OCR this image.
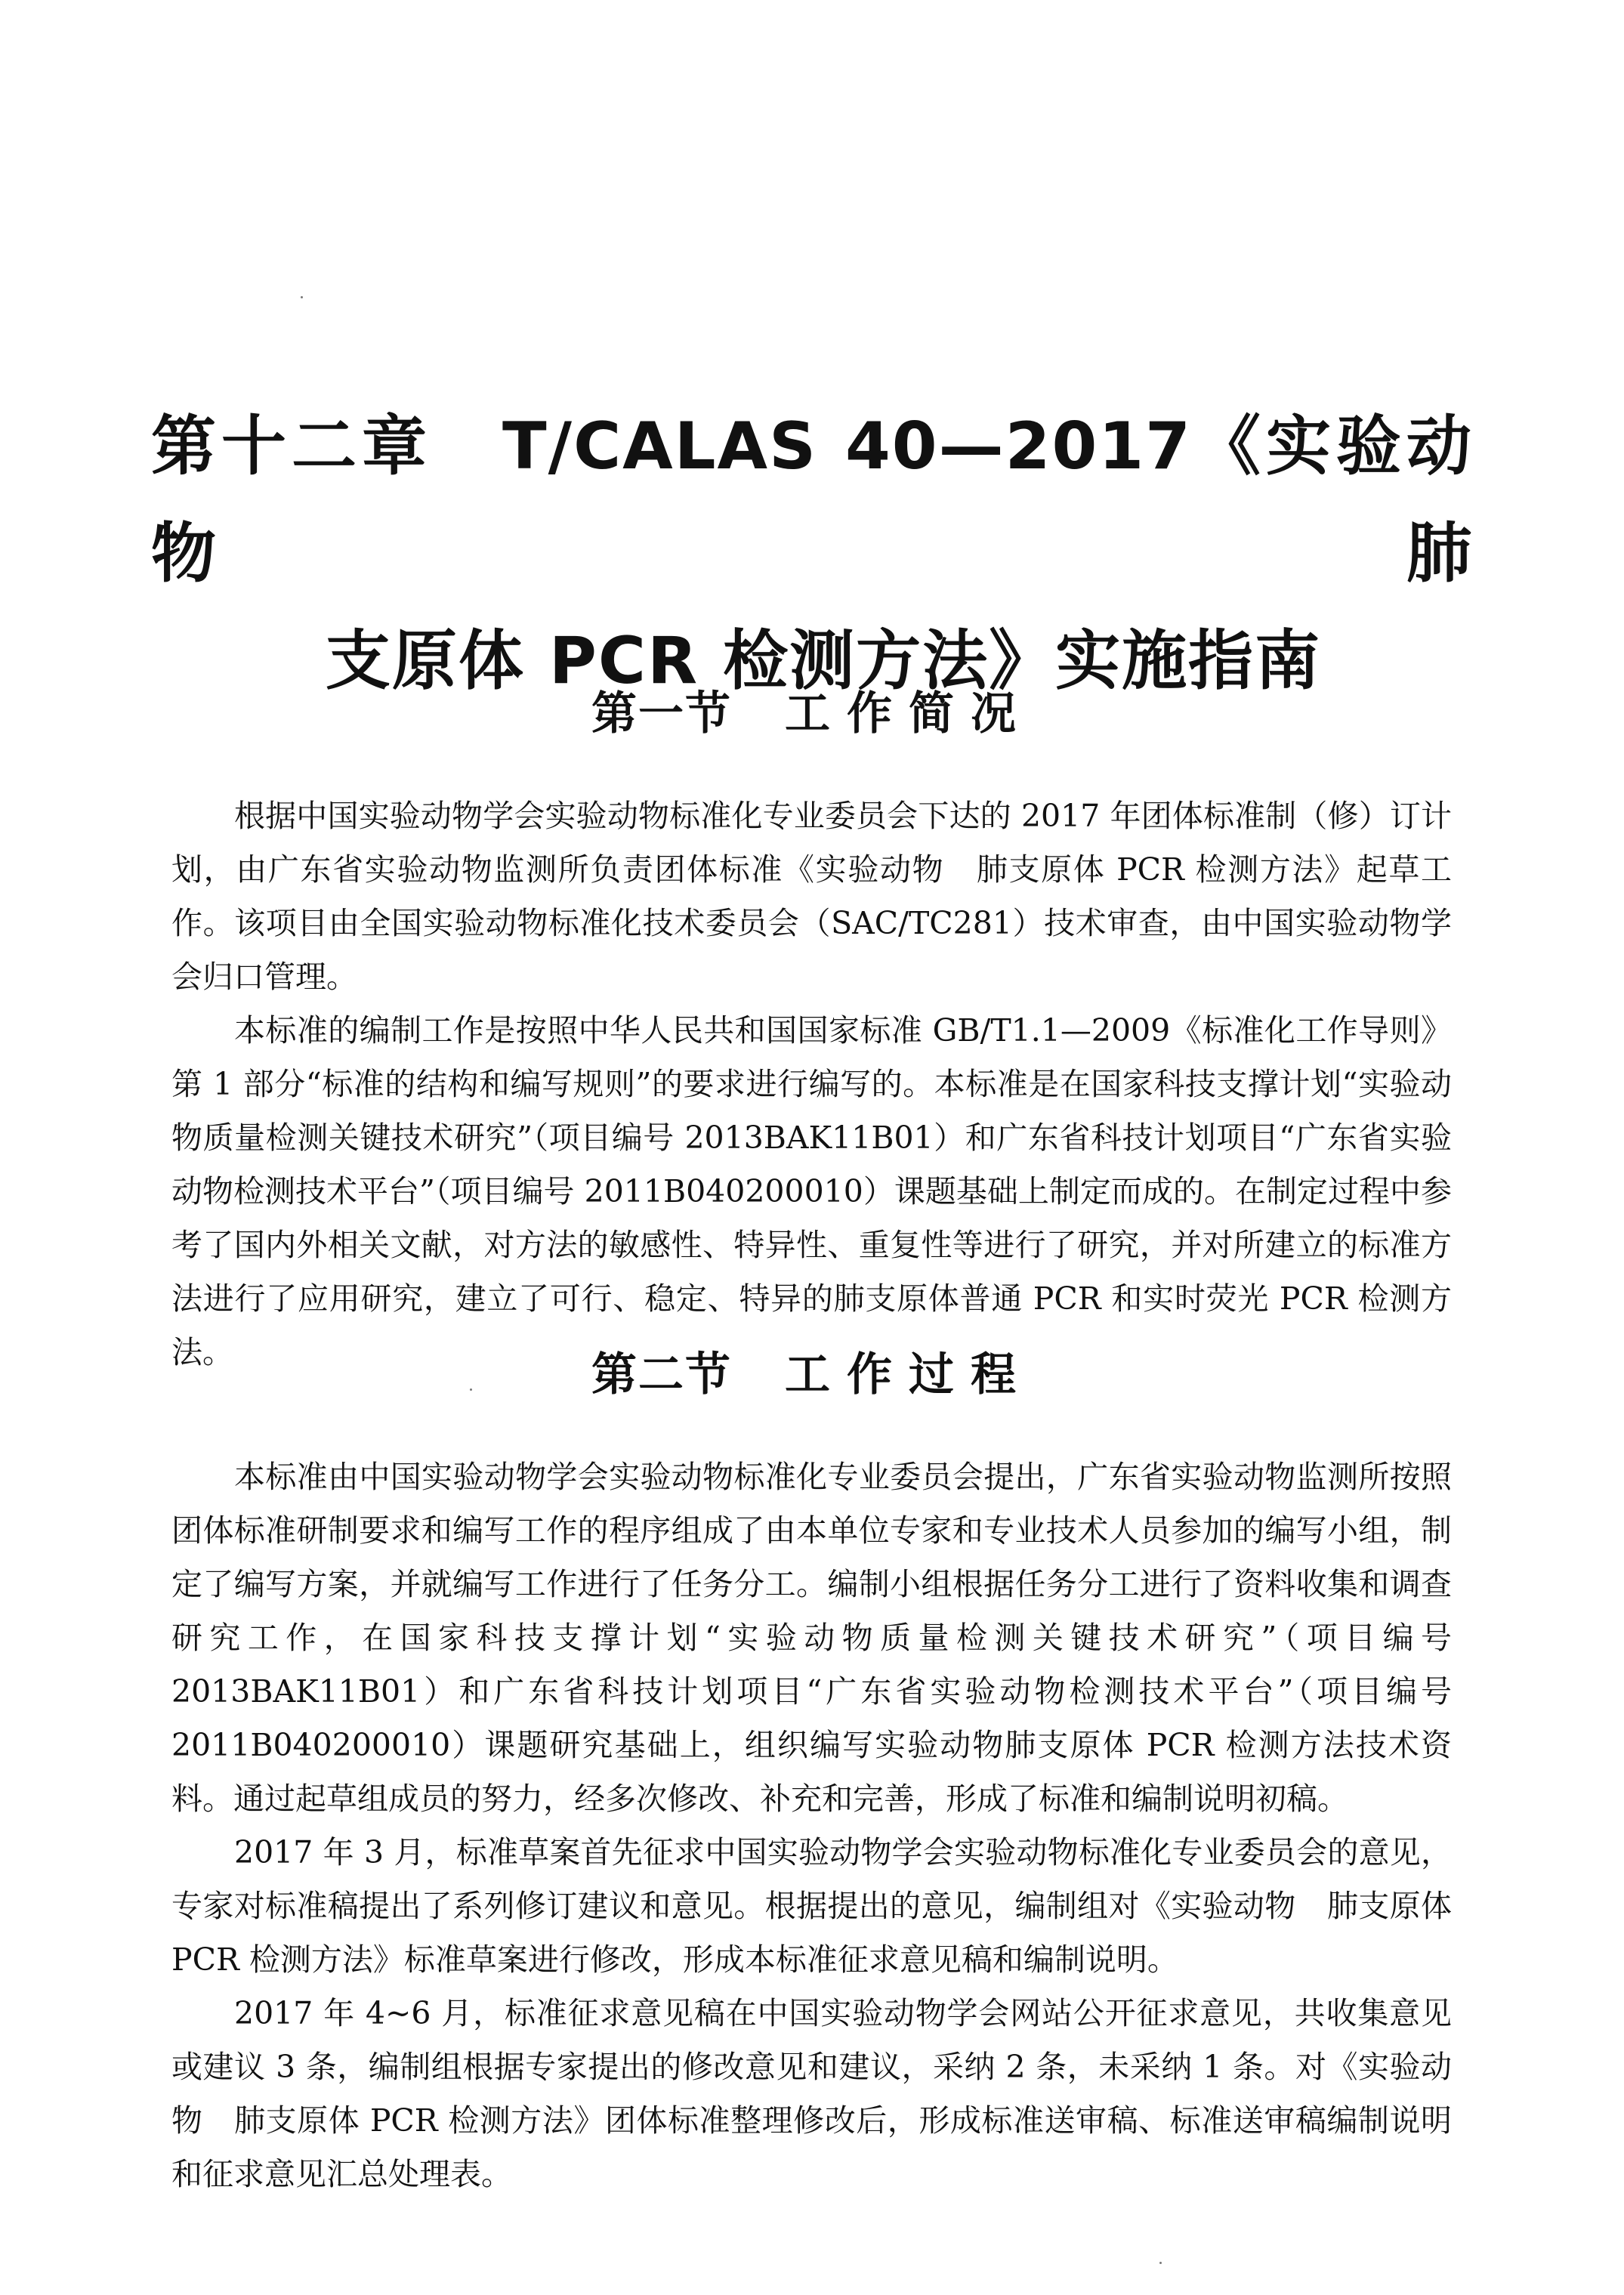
第十二章　T/CALAS 40—2017《实验动物　肺
支原体 PCR 检测方法》实施指南
第一节 工作简况

根据中国实验动物学会实验动物标准化专业委员会下达的 2017 年团体标准制（修）订计划，由广东省实验动物监测所负责团体标准《实验动物　肺支原体 PCR 检测方法》起草工作。该项目由全国实验动物标准化技术委员会（SAC/TC281）技术审查，由中国实验动物学会归口管理。

本标准的编制工作是按照中华人民共和国国家标准 GB/T1.1—2009《标准化工作导则》第 1 部分“标准的结构和编写规则”的要求进行编写的。本标准是在国家科技支撑计划“实验动物质量检测关键技术研究”（项目编号 2013BAK11B01）和广东省科技计划项目“广东省实验动物检测技术平台”（项目编号 2011B040200010）课题基础上制定而成的。在制定过程中参考了国内外相关文献，对方法的敏感性、特异性、重复性等进行了研究，并对所建立的标准方法进行了应用研究，建立了可行、稳定、特异的肺支原体普通 PCR 和实时荧光 PCR 检测方法。	第二节 工作过程

本标准由中国实验动物学会实验动物标准化专业委员会提出，广东省实验动物监测所按照团体标准研制要求和编写工作的程序组成了由本单位专家和专业技术人员参加的编写小组，制定了编写方案，并就编写工作进行了任务分工。编制小组根据任务分工进行了资料收集和调查研究工作，在国家科技支撑计划“实验动物质量检测关键技术研究”（项目编号 2013BAK11B01）和广东省科技计划项目“广东省实验动物检测技术平台”（项目编号 2011B040200010）课题研究基础上，组织编写实验动物肺支原体 PCR 检测方法技术资料。通过起草组成员的努力，经多次修改、补充和完善，形成了标准和编制说明初稿。

2017 年 3 月，标准草案首先征求中国实验动物学会实验动物标准化专业委员会的意见，专家对标准稿提出了系列修订建议和意见。根据提出的意见，编制组对《实验动物　肺支原体 PCR 检测方法》标准草案进行修改，形成本标准征求意见稿和编制说明。

2017 年 4~6 月，标准征求意见稿在中国实验动物学会网站公开征求意见，共收集意见或建议 3 条，编制组根据专家提出的修改意见和建议，采纳 2 条，未采纳 1 条。对《实验动物　肺支原体 PCR 检测方法》团体标准整理修改后，形成标准送审稿、标准送审稿编制说明和征求意见汇总处理表。
